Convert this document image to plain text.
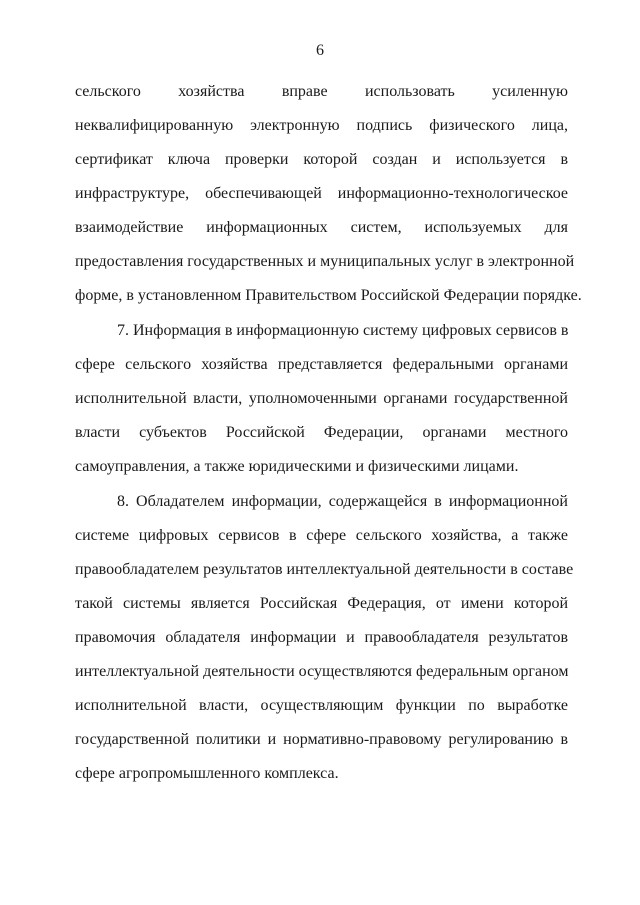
6
сельского хозяйства вправе использовать усиленную
неквалифицированную электронную подпись физического лица,
сертификат ключа проверки которой создан и используется в
инфраструктуре, обеспечивающей информационно-технологическое
взаимодействие информационных систем, используемых для
предоставления государственных и муниципальных услуг в электронной
форме, в установленном Правительством Российской Федерации порядке.
7. Информация в информационную систему цифровых сервисов в
сфере сельского хозяйства представляется федеральными органами
исполнительной власти, уполномоченными органами государственной
власти субъектов Российской Федерации, органами местного
самоуправления, а также юридическими и физическими лицами.
8. Обладателем информации, содержащейся в информационной
системе цифровых сервисов в сфере сельского хозяйства, а также
правообладателем результатов интеллектуальной деятельности в составе
такой системы является Российская Федерация, от имени которой
правомочия обладателя информации и правообладателя результатов
интеллектуальной деятельности осуществляются федеральным органом
исполнительной власти, осуществляющим функции по выработке
государственной политики и нормативно-правовому регулированию в
сфере агропромышленного комплекса.
